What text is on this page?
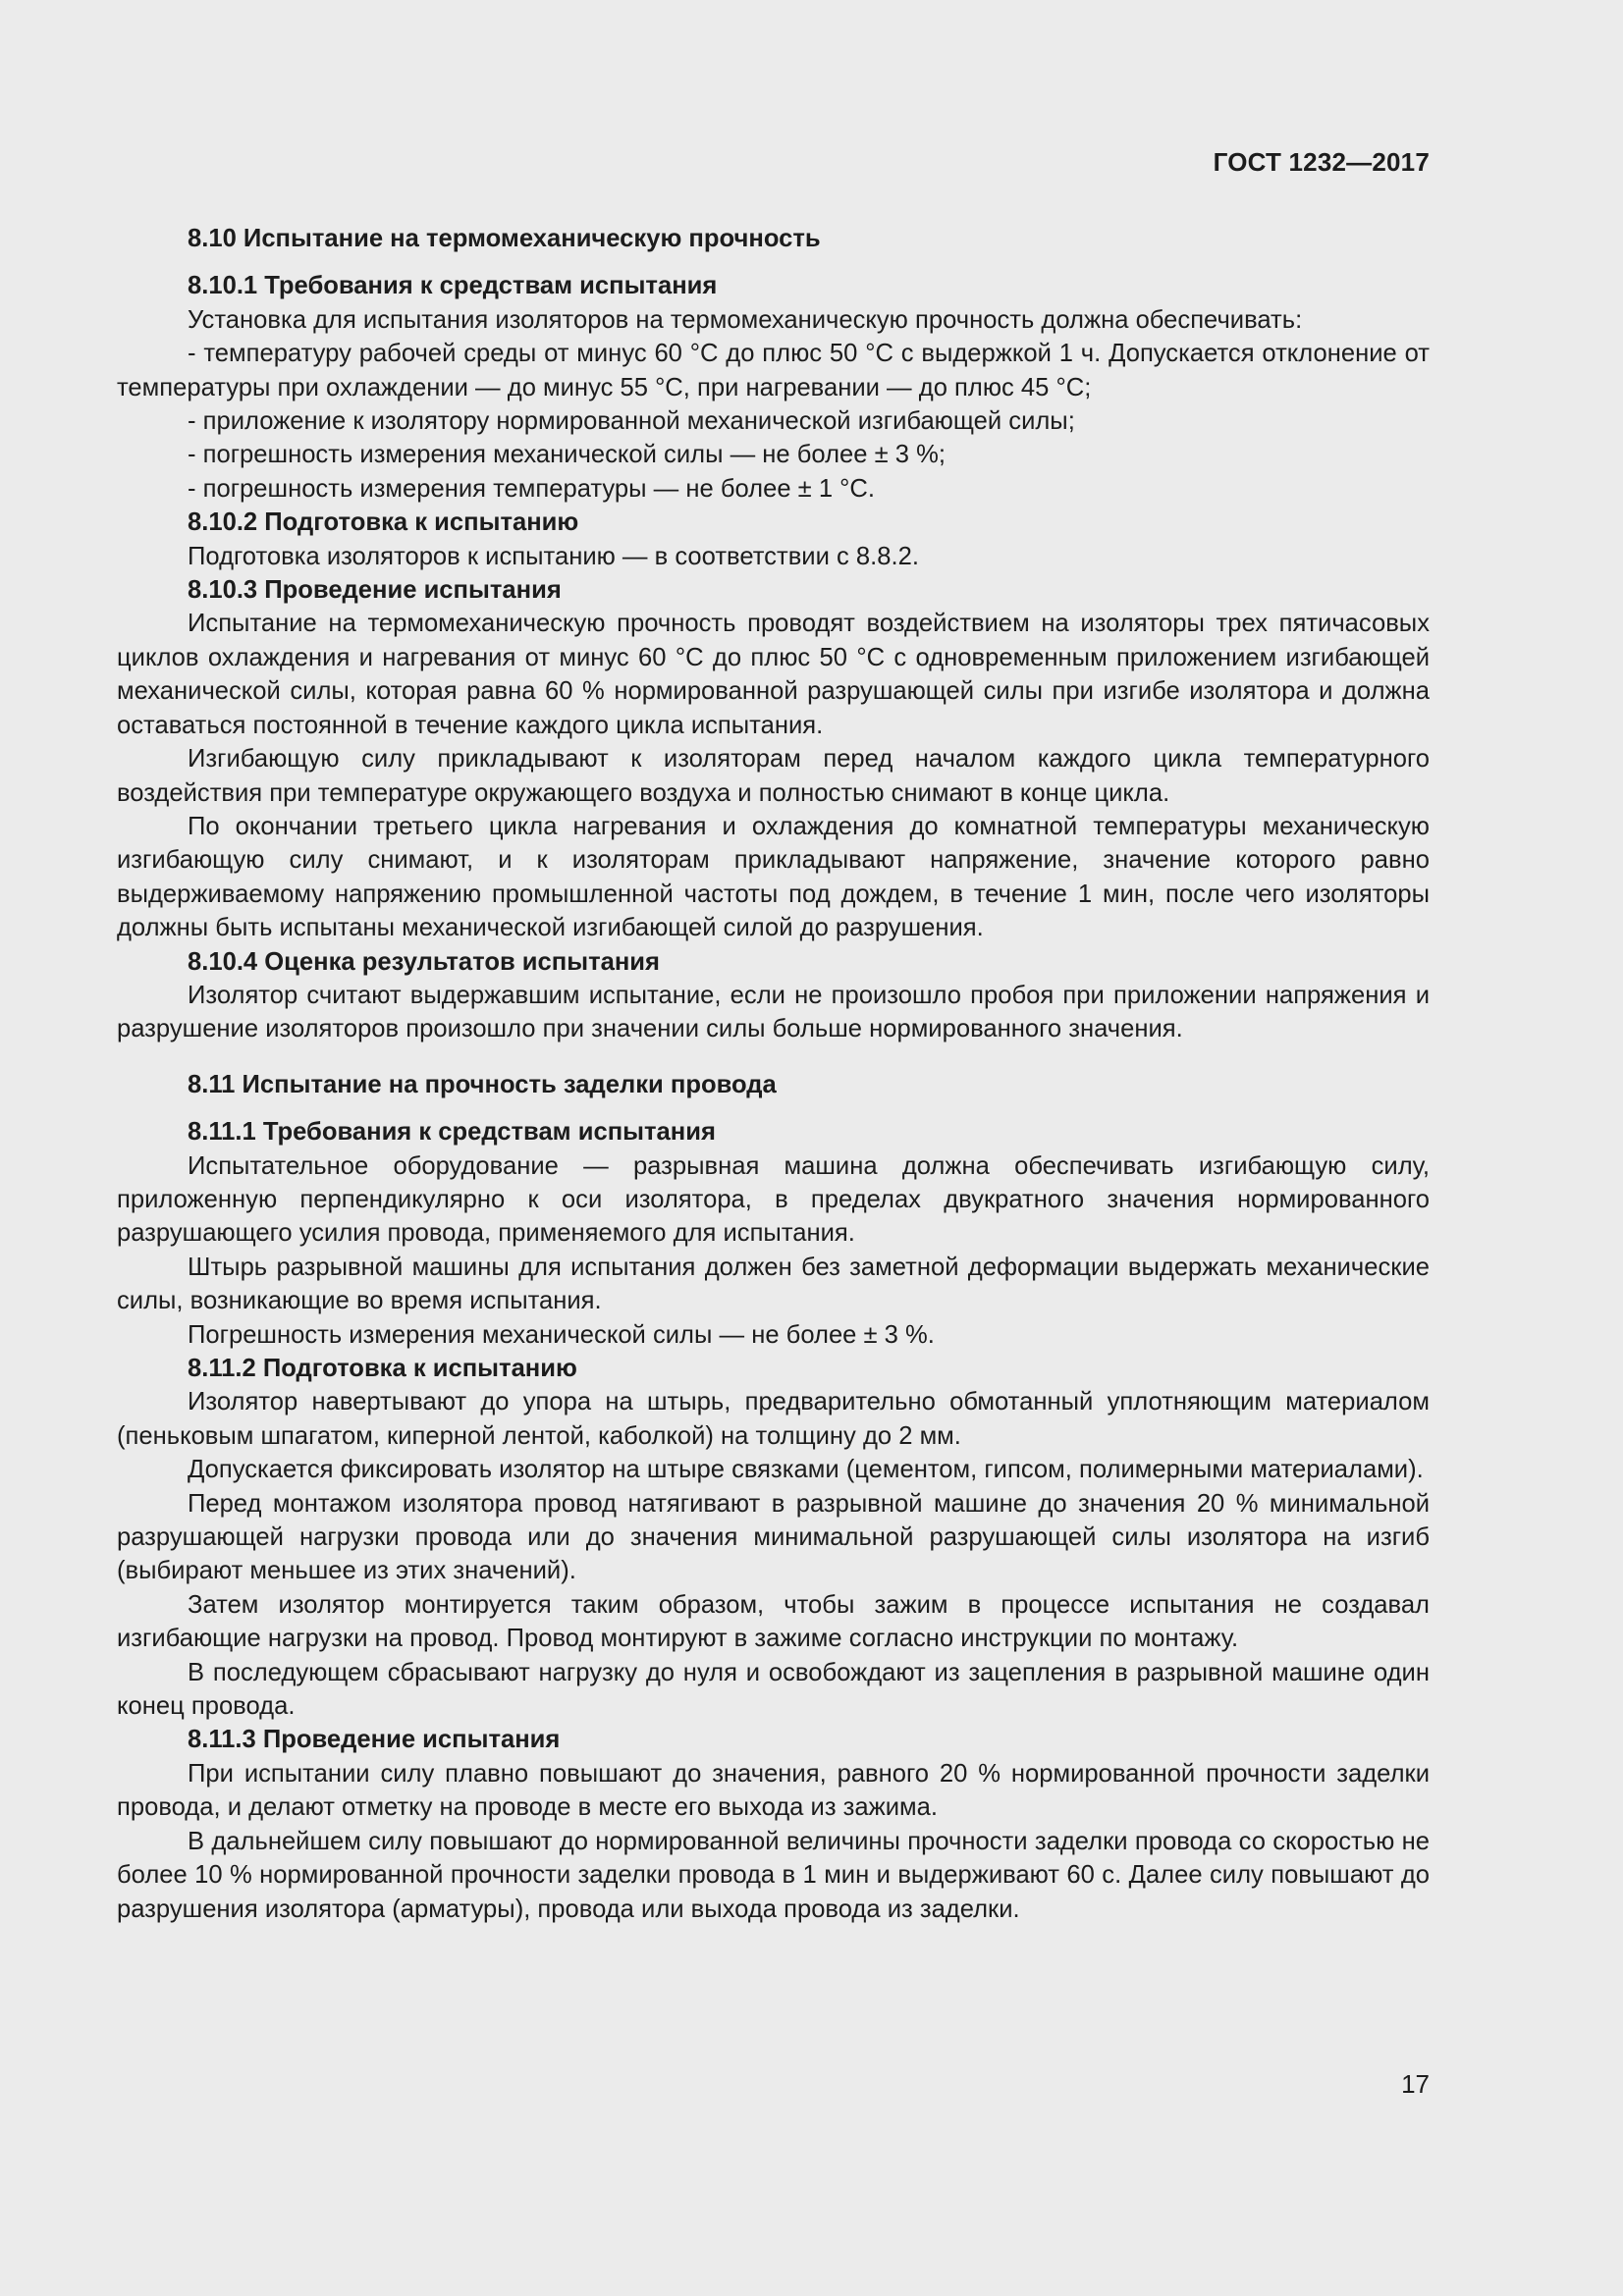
ГОСТ 1232—2017
8.10 Испытание на термомеханическую прочность
8.10.1 Требования к средствам испытания

Установка для испытания изоляторов на термомеханическую прочность должна обеспечивать:

- температуру рабочей среды от минус 60 °С до плюс 50 °С с выдержкой 1 ч. Допускается отклонение от температуры при охлаждении — до минус 55 °С, при нагревании — до плюс 45 °С;

- приложение к изолятору нормированной механической изгибающей силы;

- погрешность измерения механической силы — не более ± 3 %;

- погрешность измерения температуры — не более ± 1 °С.

8.10.2 Подготовка к испытанию

Подготовка изоляторов к испытанию — в соответствии с 8.8.2.

8.10.3 Проведение испытания

Испытание на термомеханическую прочность проводят воздействием на изоляторы трех пятичасовых циклов охлаждения и нагревания от минус 60 °С до плюс 50 °С с одновременным приложением изгибающей механической силы, которая равна 60 % нормированной разрушающей силы при изгибе изолятора и должна оставаться постоянной в течение каждого цикла испытания.

Изгибающую силу прикладывают к изоляторам перед началом каждого цикла температурного воздействия при температуре окружающего воздуха и полностью снимают в конце цикла.

По окончании третьего цикла нагревания и охлаждения до комнатной температуры механическую изгибающую силу снимают, и к изоляторам прикладывают напряжение, значение которого равно выдерживаемому напряжению промышленной частоты под дождем, в течение 1 мин, после чего изоляторы должны быть испытаны механической изгибающей силой до разрушения.

8.10.4 Оценка результатов испытания

Изолятор считают выдержавшим испытание, если не произошло пробоя при приложении напряжения и разрушение изоляторов произошло при значении силы больше нормированного значения.

8.11 Испытание на прочность заделки провода
8.11.1 Требования к средствам испытания

Испытательное оборудование — разрывная машина должна обеспечивать изгибающую силу, приложенную перпендикулярно к оси изолятора, в пределах двукратного значения нормированного разрушающего усилия провода, применяемого для испытания.

Штырь разрывной машины для испытания должен без заметной деформации выдержать механические силы, возникающие во время испытания.

Погрешность измерения механической силы — не более ± 3 %.

8.11.2 Подготовка к испытанию

Изолятор навертывают до упора на штырь, предварительно обмотанный уплотняющим материалом (пеньковым шпагатом, киперной лентой, каболкой) на толщину до 2 мм.

Допускается фиксировать изолятор на штыре связками (цементом, гипсом, полимерными материалами).

Перед монтажом изолятора провод натягивают в разрывной машине до значения 20 % минимальной разрушающей нагрузки провода или до значения минимальной разрушающей силы изолятора на изгиб (выбирают меньшее из этих значений).

Затем изолятор монтируется таким образом, чтобы зажим в процессе испытания не создавал изгибающие нагрузки на провод. Провод монтируют в зажиме согласно инструкции по монтажу.

В последующем сбрасывают нагрузку до нуля и освобождают из зацепления в разрывной машине один конец провода.

8.11.3 Проведение испытания

При испытании силу плавно повышают до значения, равного 20 % нормированной прочности заделки провода, и делают отметку на проводе в месте его выхода из зажима.

В дальнейшем силу повышают до нормированной величины прочности заделки провода со скоростью не более 10 % нормированной прочности заделки провода в 1 мин и выдерживают 60 с. Далее силу повышают до разрушения изолятора (арматуры), провода или выхода провода из заделки.

17
